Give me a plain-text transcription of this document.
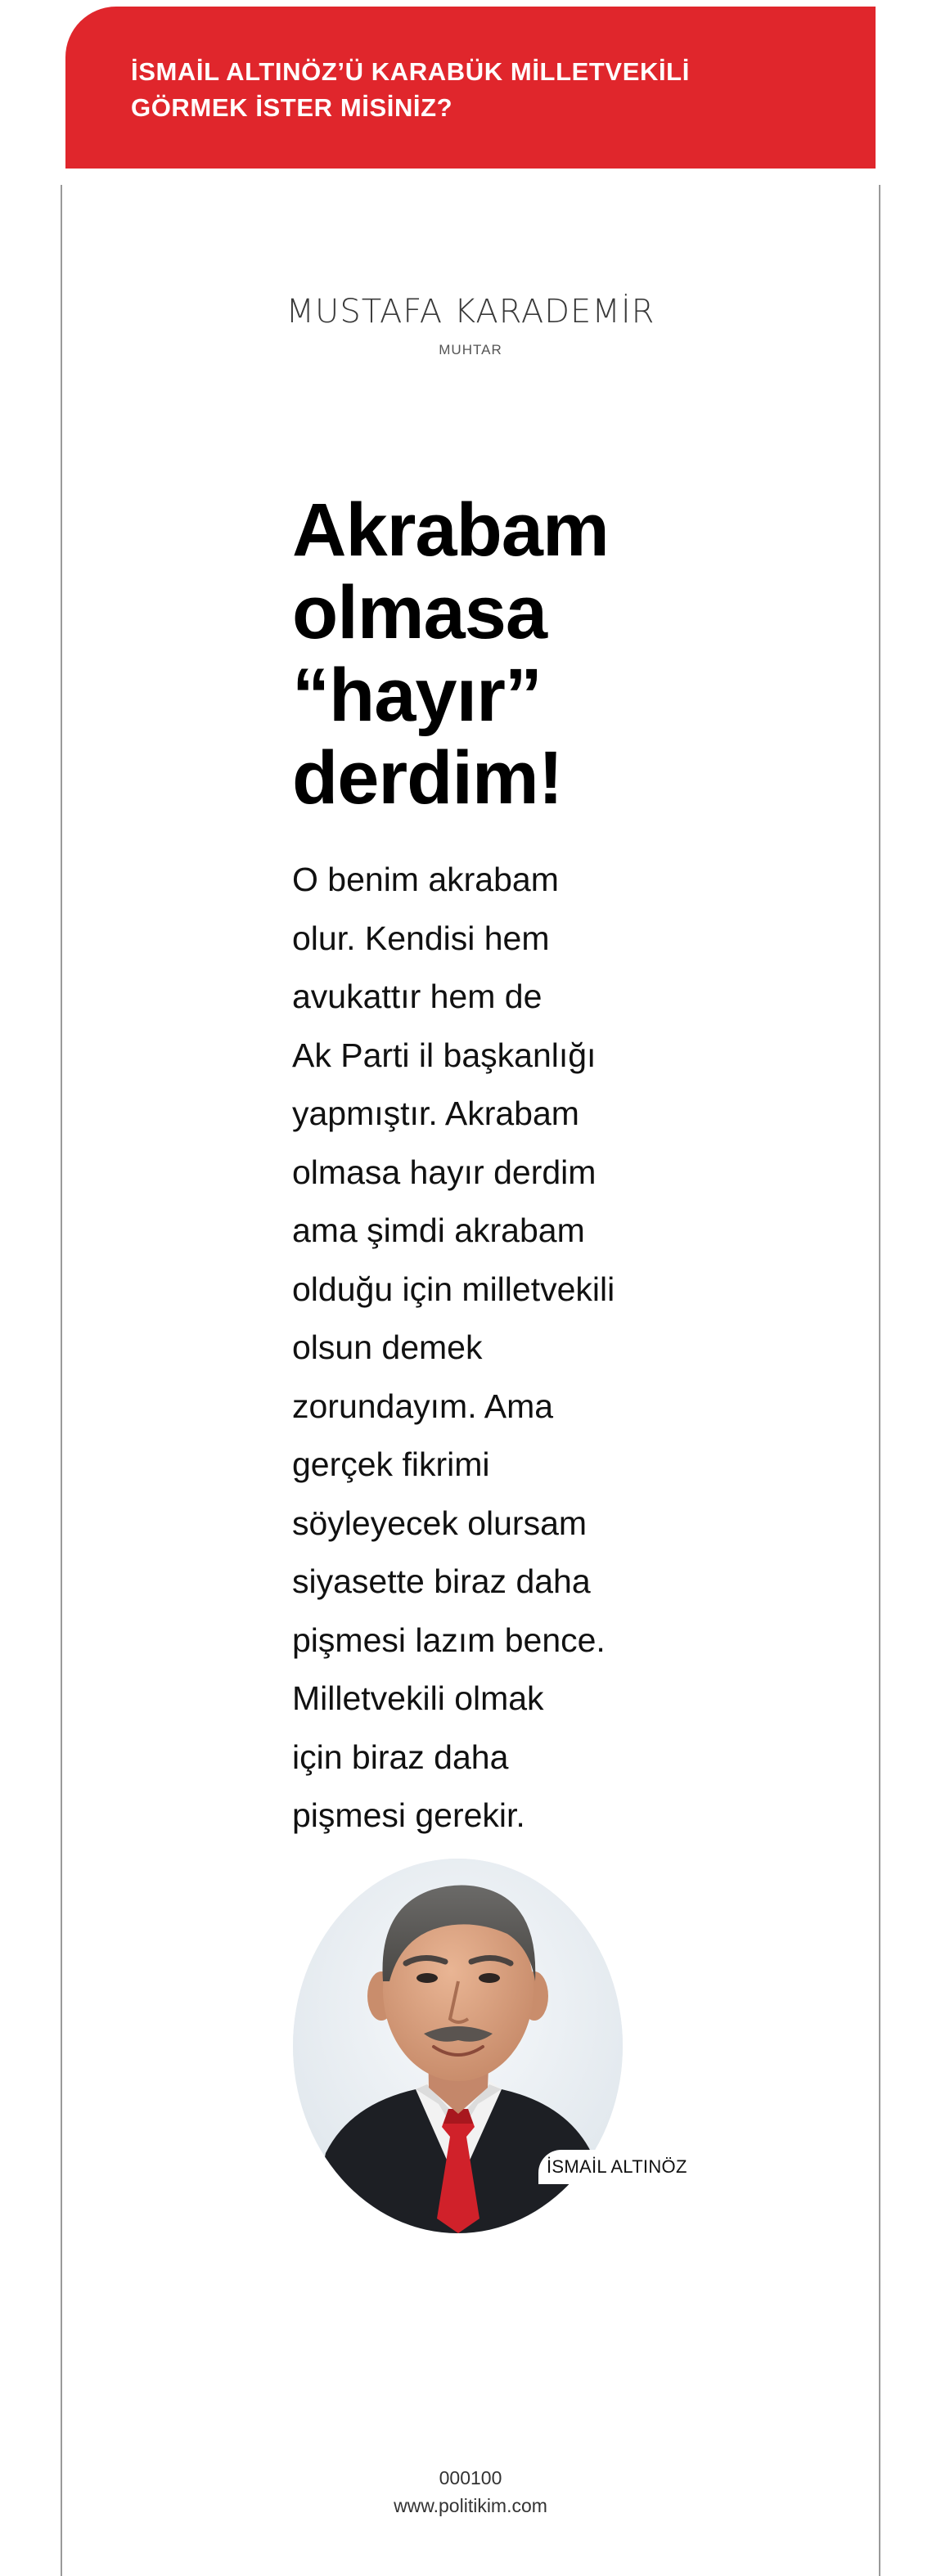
İSMAİL ALTINÖZ’Ü KARABÜK MİLLETVEKİLİ
GÖRMEK İSTER MİSİNİZ?
MUSTAFA KARADEMİR
MUHTAR
Akrabam
olmasa
“hayır”
derdim!
O benim akrabam
olur. Kendisi hem
avukattır hem de
Ak Parti il başkanlığı
yapmıştır. Akrabam
olmasa hayır derdim
ama şimdi akrabam
olduğu için milletvekili
olsun demek
zorundayım. Ama
gerçek fikrimi
söyleyecek olursam
siyasette biraz daha
pişmesi lazım bence.
Milletvekili olmak
için biraz daha
pişmesi gerekir.
İSMAİL ALTINÖZ
000100
www.politikim.com
